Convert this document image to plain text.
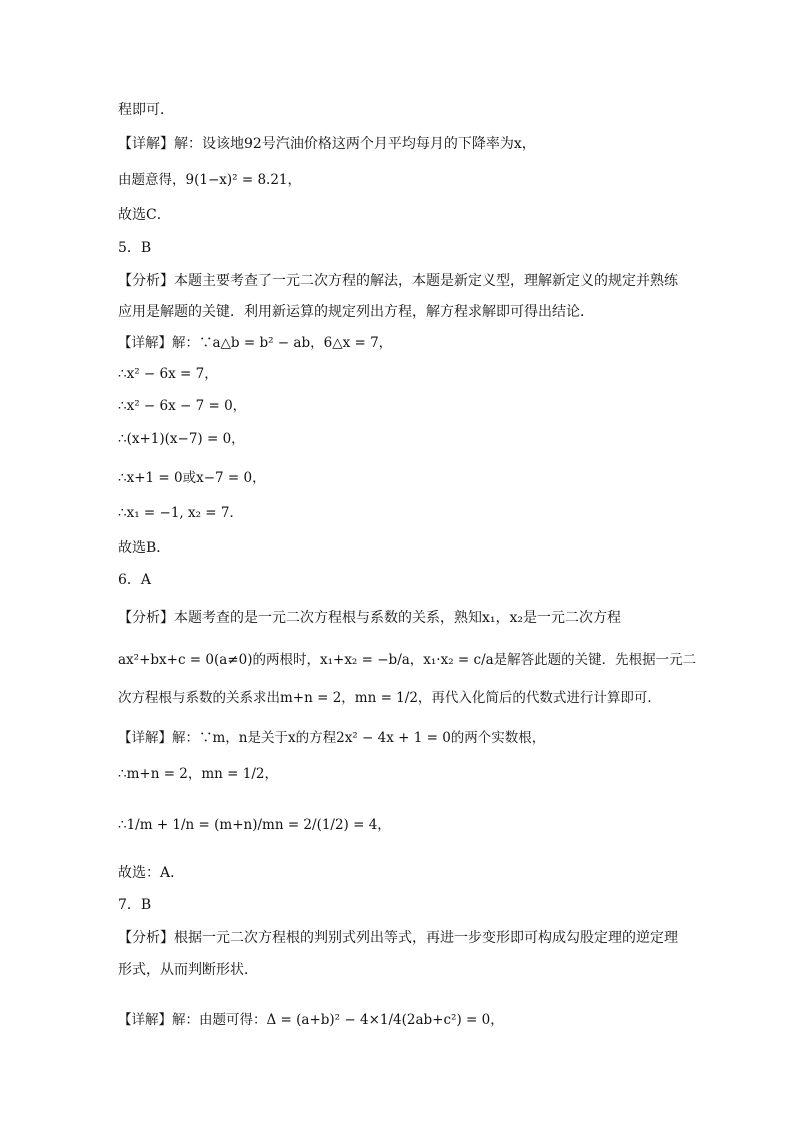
程即可．
【详解】解：设该地92号汽油价格这两个月平均每月的下降率为x，
由题意得，9(1−x)² = 8.21，
故选C．
5．B
【分析】本题主要考查了一元二次方程的解法，本题是新定义型，理解新定义的规定并熟练
应用是解题的关键．利用新运算的规定列出方程，解方程求解即可得出结论．
【详解】解：∵a△b = b² − ab，6△x = 7，
∴x² − 6x = 7，
∴x² − 6x − 7 = 0，
∴(x+1)(x−7) = 0，
∴x+1 = 0或x−7 = 0，
∴x₁ = −1, x₂ = 7．
故选B．
6．A
【分析】本题考查的是一元二次方程根与系数的关系，熟知x₁，x₂是一元二次方程
ax²+bx+c = 0(a≠0)的两根时，x₁+x₂ = −b/a，x₁·x₂ = c/a是解答此题的关键．先根据一元二
次方程根与系数的关系求出m+n = 2，mn = 1/2，再代入化简后的代数式进行计算即可．
【详解】解：∵m，n是关于x的方程2x² − 4x + 1 = 0的两个实数根，
∴m+n = 2，mn = 1/2，
∴1/m + 1/n = (m+n)/mn = 2/(1/2) = 4，
故选：A．
7．B
【分析】根据一元二次方程根的判别式列出等式，再进一步变形即可构成勾股定理的逆定理
形式，从而判断形状．
【详解】解：由题可得：Δ = (a+b)² − 4×1/4(2ab+c²) = 0，
